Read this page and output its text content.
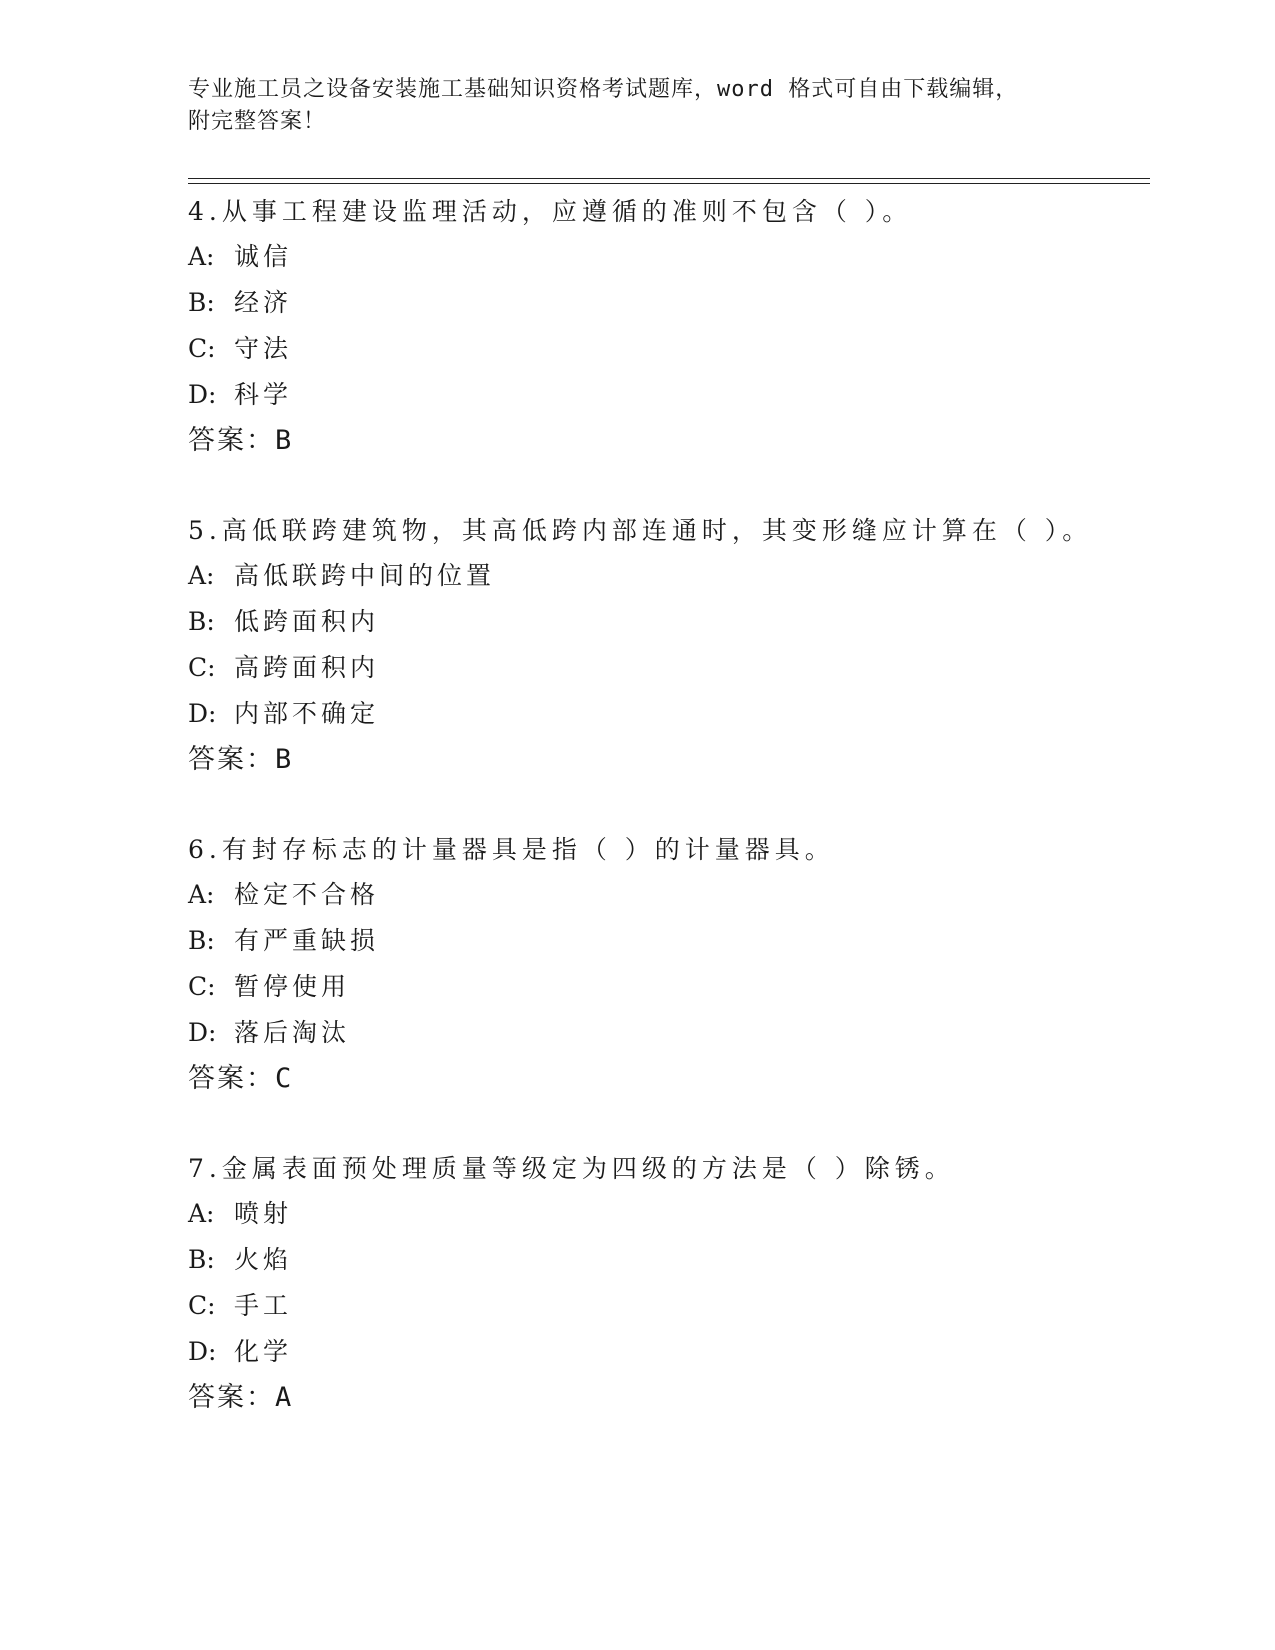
专业施工员之设备安装施工基础知识资格考试题库，word 格式可自由下载编辑，
附完整答案！
4.从事工程建设监理活动，应遵循的准则不包含（ ）。
A: 诚信
B: 经济
C: 守法
D: 科学
答案：B
5.高低联跨建筑物，其高低跨内部连通时，其变形缝应计算在（ ）。
A: 高低联跨中间的位置
B: 低跨面积内
C: 高跨面积内
D: 内部不确定
答案：B
6.有封存标志的计量器具是指（ ）的计量器具。
A: 检定不合格
B: 有严重缺损
C: 暂停使用
D: 落后淘汰
答案：C
7.金属表面预处理质量等级定为四级的方法是（ ）除锈。
A: 喷射
B: 火焰
C: 手工
D: 化学
答案：A
